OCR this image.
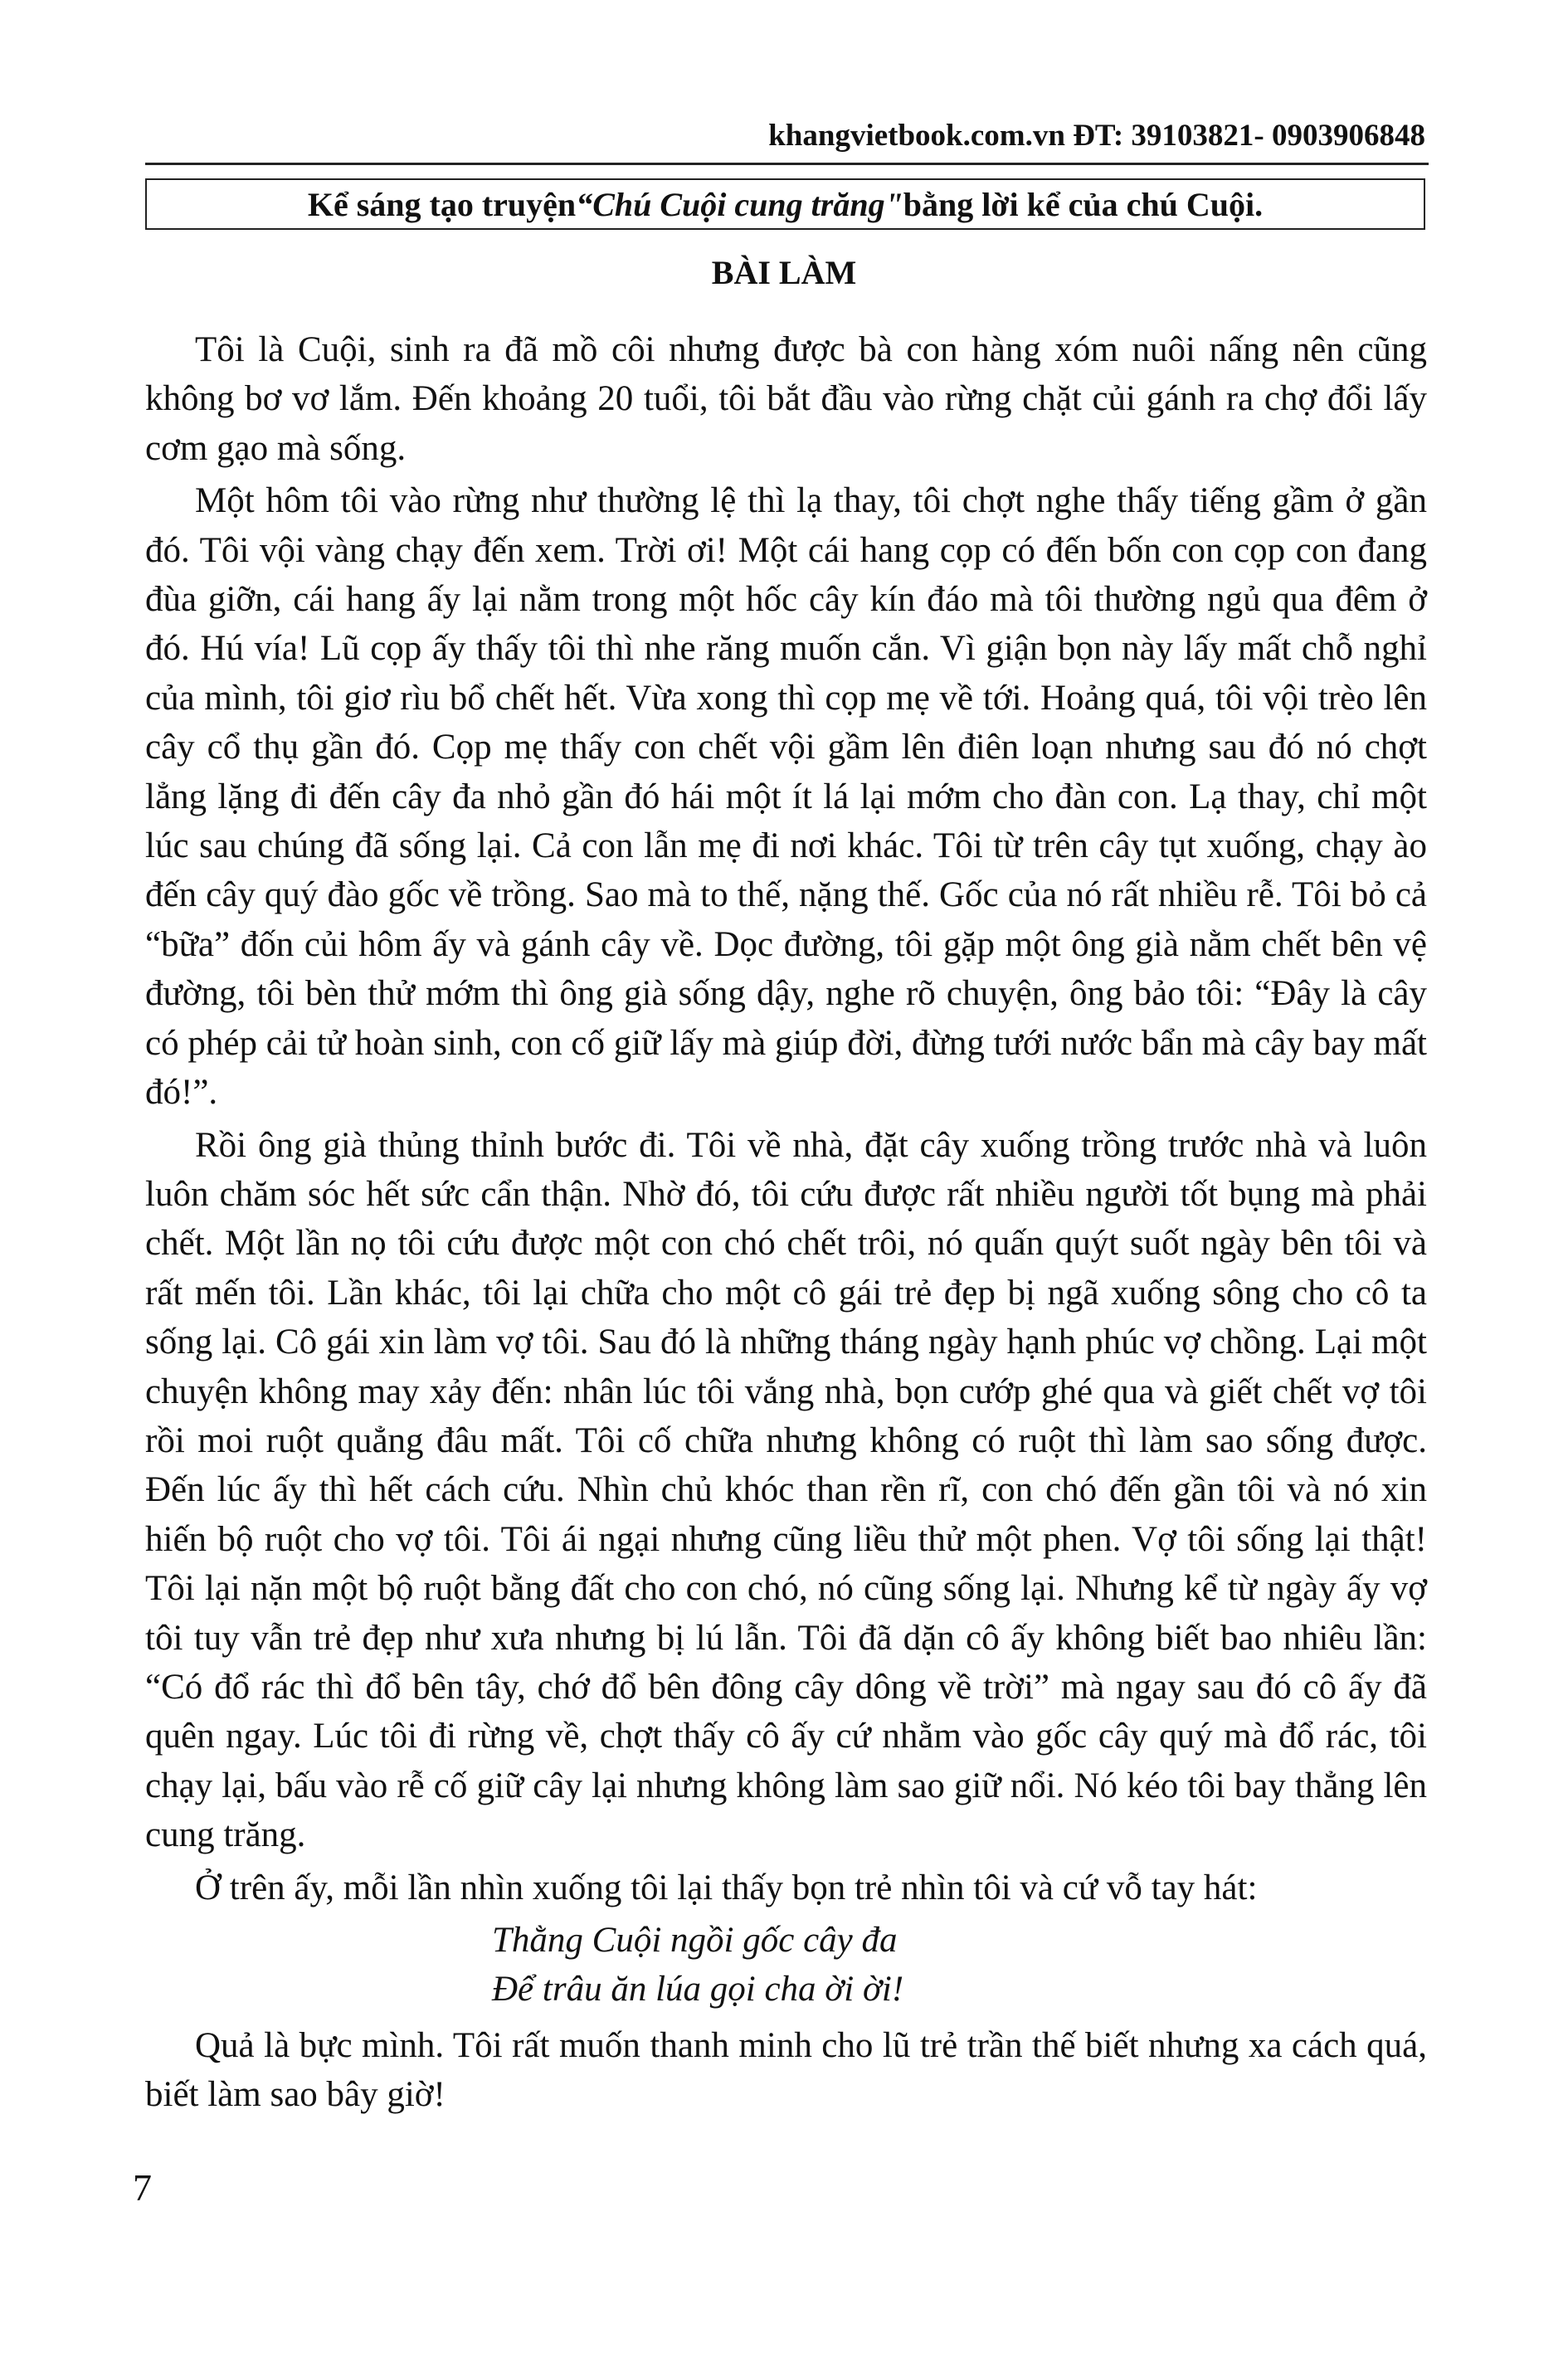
khangvietbook.com.vn ĐT: 39103821- 0903906848
Kể sáng tạo truyện “Chú Cuội cung trăng" bằng lời kể của chú Cuội.
BÀI LÀM

Tôi là Cuội, sinh ra đã mồ côi nhưng được bà con hàng xóm nuôi nấng nên cũng không bơ vơ lắm. Đến khoảng 20 tuổi, tôi bắt đầu vào rừng chặt củi gánh ra chợ đổi lấy cơm gạo mà sống.

Một hôm tôi vào rừng như thường lệ thì lạ thay, tôi chợt nghe thấy tiếng gầm ở gần đó. Tôi vội vàng chạy đến xem. Trời ơi! Một cái hang cọp có đến bốn con cọp con đang đùa giỡn, cái hang ấy lại nằm trong một hốc cây kín đáo mà tôi thường ngủ qua đêm ở đó. Hú vía! Lũ cọp ấy thấy tôi thì nhe răng muốn cắn. Vì giận bọn này lấy mất chỗ nghỉ của mình, tôi giơ rìu bổ chết hết. Vừa xong thì cọp mẹ về tới. Hoảng quá, tôi vội trèo lên cây cổ thụ gần đó. Cọp mẹ thấy con chết vội gầm lên điên loạn nhưng sau đó nó chợt lẳng lặng đi đến cây đa nhỏ gần đó hái một ít lá lại mớm cho đàn con. Lạ thay, chỉ một lúc sau chúng đã sống lại. Cả con lẫn mẹ đi nơi khác. Tôi từ trên cây tụt xuống, chạy ào đến cây quý đào gốc về trồng. Sao mà to thế, nặng thế. Gốc của nó rất nhiều rễ. Tôi bỏ cả “bữa” đốn củi hôm ấy và gánh cây về. Dọc đường, tôi gặp một ông già nằm chết bên vệ đường, tôi bèn thử mớm thì ông già sống dậy, nghe rõ chuyện, ông bảo tôi: “Đây là cây có phép cải tử hoàn sinh, con cố giữ lấy mà giúp đời, đừng tưới nước bẩn mà cây bay mất đó!”.

Rồi ông già thủng thỉnh bước đi. Tôi về nhà, đặt cây xuống trồng trước nhà và luôn luôn chăm sóc hết sức cẩn thận. Nhờ đó, tôi cứu được rất nhiều người tốt bụng mà phải chết. Một lần nọ tôi cứu được một con chó chết trôi, nó quấn quýt suốt ngày bên tôi và rất mến tôi. Lần khác, tôi lại chữa cho một cô gái trẻ đẹp bị ngã xuống sông cho cô ta sống lại. Cô gái xin làm vợ tôi. Sau đó là những tháng ngày hạnh phúc vợ chồng. Lại một chuyện không may xảy đến: nhân lúc tôi vắng nhà, bọn cướp ghé qua và giết chết vợ tôi rồi moi ruột quẳng đâu mất. Tôi cố chữa nhưng không có ruột thì làm sao sống được. Đến lúc ấy thì hết cách cứu. Nhìn chủ khóc than rền rĩ, con chó đến gần tôi và nó xin hiến bộ ruột cho vợ tôi. Tôi ái ngại nhưng cũng liều thử một phen. Vợ tôi sống lại thật! Tôi lại nặn một bộ ruột bằng đất cho con chó, nó cũng sống lại. Nhưng kể từ ngày ấy vợ tôi tuy vẫn trẻ đẹp như xưa nhưng bị lú lẫn. Tôi đã dặn cô ấy không biết bao nhiêu lần: “Có đổ rác thì đổ bên tây, chớ đổ bên đông cây dông về trời” mà ngay sau đó cô ấy đã quên ngay. Lúc tôi đi rừng về, chợt thấy cô ấy cứ nhằm vào gốc cây quý mà đổ rác, tôi chạy lại, bấu vào rễ cố giữ cây lại nhưng không làm sao giữ nổi. Nó kéo tôi bay thẳng lên cung trăng.

Ở trên ấy, mỗi lần nhìn xuống tôi lại thấy bọn trẻ nhìn tôi và cứ vỗ tay hát:

Thằng Cuội ngồi gốc cây đa
Để trâu ăn lúa gọi cha ời ời!

Quả là bực mình. Tôi rất muốn thanh minh cho lũ trẻ trần thế biết nhưng xa cách quá, biết làm sao bây giờ!

7
